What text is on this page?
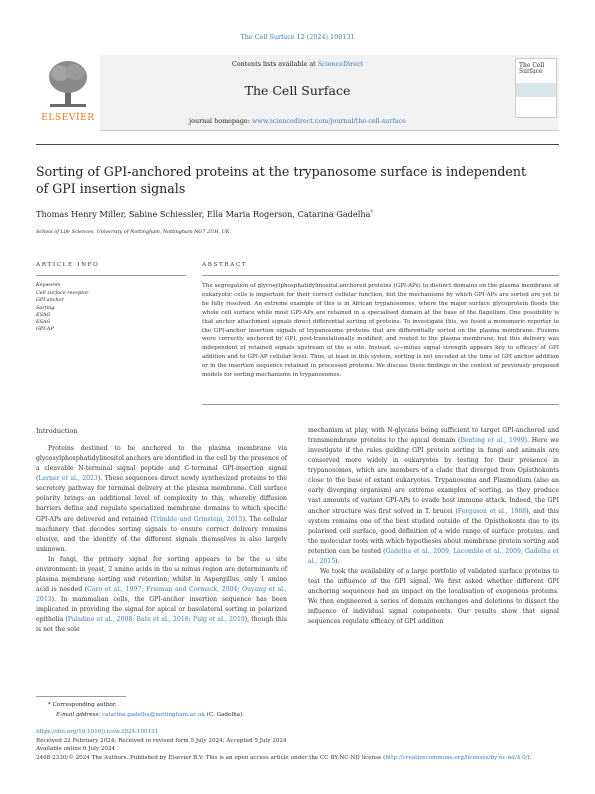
The Cell Surface 12 (2024) 100131
ELSEVIER
Contents lists available at ScienceDirect
The Cell Surface
The Cell Surface
journal homepage: www.sciencedirect.com/journal/the-cell-surface
Sorting of GPI-anchored proteins at the trypanosome surface is independent of GPI insertion signals
Thomas Henry Miller, Sabine Schiessler, Ella Maria Rogerson, Catarina Gadelha*
School of Life Sciences, University of Nottingham, Nottingham NG7 2UH, UK
ARTICLE INFO	ABSTRACT
Keywords
Cell surface receptor
GPI anchor
Sorting
ESAG
ESAG
GPI-AP
The segregation of glycosylphosphatidylinositol-anchored proteins (GPI-APs) to distinct domains on the plasma membrane of eukaryotic cells is important for their correct cellular function, but the mechanisms by which GPI-APs are sorted are yet to be fully resolved. An extreme example of this is in African trypanosomes, where the major surface glycoprotein floods the whole cell surface while most GPI-APs are retained in a specialised domain at the base of the flagellum. One possibility is that anchor attachment signals direct differential sorting of proteins. To investigate this, we fused a monomeric reporter to the GPI-anchor insertion signals of trypanosome proteins that are differentially sorted on the plasma membrane. Fusions were correctly anchored by GPI, post-translationally modified, and routed to the plasma membrane, but this delivery was independent of retained signals upstream of the ω site. Instead, ω−minus signal strength appears key to efficacy of GPI addition and to GPI-AP cellular level. Thus, at least in this system, sorting is not encoded at the time of GPI anchor addition or in the insertion sequence retained in processed proteins. We discuss these findings in the context of previously proposed models for sorting mechanisms in trypanosomes.
Introduction

Proteins destined to be anchored to the plasma membrane via glycosylphosphatidylinositol anchors are identified in the cell by the presence of a cleavable N-terminal signal peptide and C-terminal GPI-insertion signal (Lerner et al., 2023). These sequences direct newly synthesized proteins to the secretory pathway for terminal delivery at the plasma membrane. Cell surface polarity brings an additional level of complexity to this, whereby diffusion barriers define and regulate specialized membrane domains to which specific GPI-APs are delivered and retained (Trimble and Grinstein, 2015). The cellular machinery that decodes sorting signals to ensure correct delivery remains elusive, and the identity of the different signals themselves is also largely unknown.

In fungi, the primary signal for sorting appears to be the ω site environment: in yeast, 2 amino acids in the ω minus region are determinants of plasma membrane sorting and retention; whilst in Aspergillus, only 1 amino acid is needed (Caro et al., 1997; Frieman and Cormack, 2004; Ouyang et al., 2013). In mammalian cells, the GPI-anchor insertion sequence has been implicated in providing the signal for apical or basolateral sorting in polarized epithelia (Paladino et al., 2008; Bate et al., 2016; Puig et al., 2019), though this is not the sole

mechanism at play, with N-glycans being sufficient to target GPI-anchored and transmembrane proteins to the apical domain (Benting et al., 1999). Here we investigate if the rules guiding GPI protein sorting in fungi and animals are conserved more widely in eukaryotes by testing for their presence in trypanosomes, which are members of a clade that diverged from Opisthokonts close to the base of extant eukaryotes. Trypanosoma and Plasmodium (also an early diverging organism) are extreme examples of sorting, as they produce vast amounts of variant GPI-APs to evade host immune attack. Indeed, the GPI anchor structure was first solved in T. brucei (Ferguson et al., 1988), and this system remains one of the best studied outside of the Opisthokonts due to its polarised cell surface, good definition of a wide range of surface proteins, and the molecular tools with which hypotheses about membrane protein sorting and retention can be tested (Gadelha et al., 2009, Lacomble et al., 2009, Gadelha et al., 2015).

We took the availability of a large portfolio of validated surface proteins to test the influence of the GPI signal. We first asked whether different GPI anchoring sequences had an impact on the localisation of exogenous proteins. We then engineered a series of domain exchanges and deletions to dissect the influence of individual signal components. Our results show that signal sequences regulate efficacy of GPI addition

* Corresponding author.
E-mail address: catarina.gadelha@nottingham.ac.uk (C. Gadelha).
https://doi.org/10.1016/j.tcsw.2024.100131
Received 22 February 2024; Received in revised form 5 July 2024; Accepted 5 July 2024
Available online 6 July 2024
2468-2330/© 2024 The Authors. Published by Elsevier B.V. This is an open access article under the CC BY-NC-ND license (http://creativecommons.org/licenses/by-nc-nd/4.0/).
